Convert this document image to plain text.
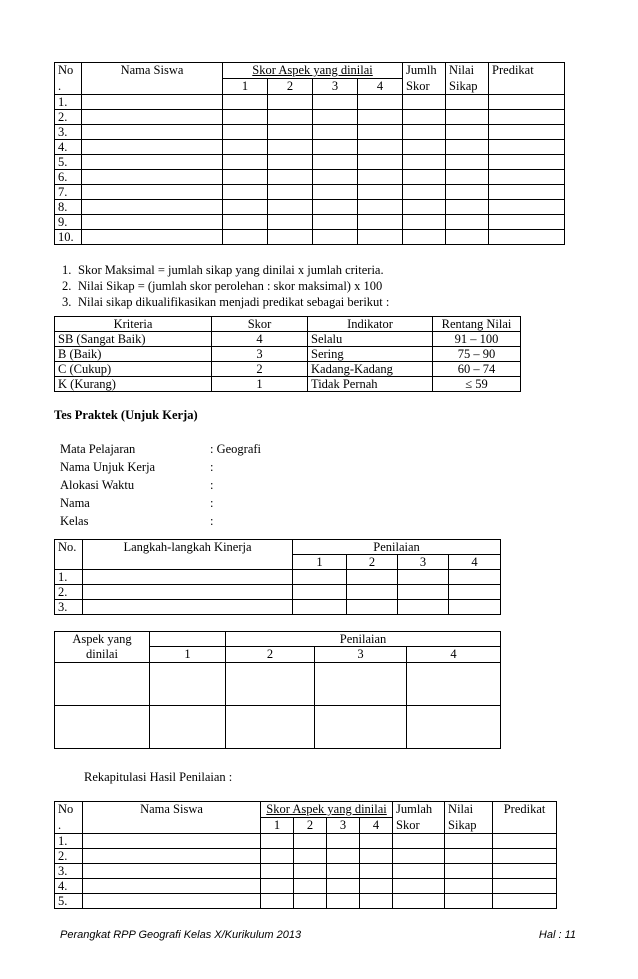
No	Nama Siswa	Skor Aspek yang dinilai				Jumlh	Nilai	Predikat
.		1	2	3	4	Skor	Sikap	
1.								
2.								
3.								
4.								
5.								
6.								
7.								
8.								
9.								
10.								
1. Skor Maksimal = jumlah sikap yang dinilai x jumlah criteria.
2. Nilai Sikap = (jumlah skor perolehan : skor maksimal) x 100
3. Nilai sikap dikualifikasikan menjadi predikat sebagai berikut :
Kriteria	Skor	Indikator	Rentang Nilai
SB (Sangat Baik)	4	Selalu	91 – 100
B (Baik)	3	Sering	75 – 90
C (Cukup)	2	Kadang-Kadang	60 – 74
K (Kurang)	1	Tidak Pernah	≤ 59
Tes Praktek (Unjuk Kerja)
Mata Pelajaran	: Geografi
Nama Unjuk Kerja	:
Alokasi Waktu	:
Nama	:
Kelas	:
No.	Langkah-langkah Kinerja	Penilaian			
		1	2	3	4
1.					
2.					
3.					
Aspek yang		Penilaian		
dinilai	1	2	3	4

Rekapitulasi Hasil Penilaian :
No	Nama Siswa	Skor Aspek yang dinilai				Jumlah	Nilai	Predikat
.		1	2	3	4	Skor	Sikap	
1.								
2.								
3.								
4.								
5.								
Perangkat RPP Geografi Kelas X/Kurikulum 2013	Hal : 11
